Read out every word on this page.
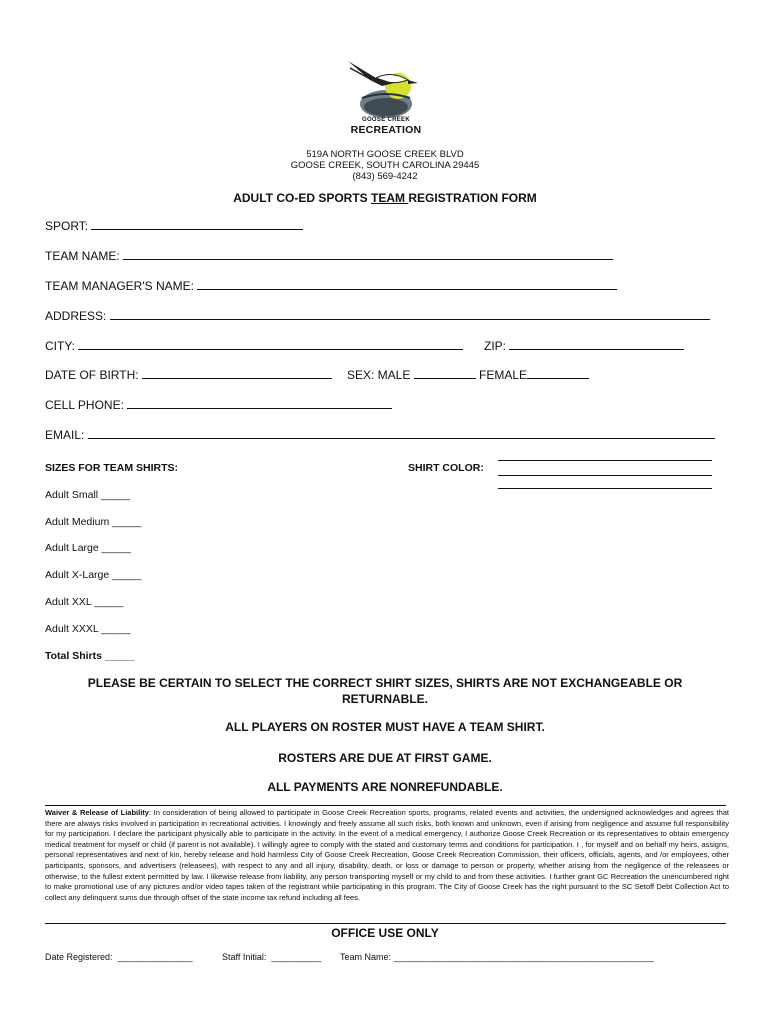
GOOSE CREEK
RECREATION
519A NORTH GOOSE CREEK BLVD
GOOSE CREEK, SOUTH CAROLINA 29445
(843) 569-4242
ADULT CO-ED SPORTS TEAM REGISTRATION FORM
SPORT:
TEAM NAME:
TEAM MANAGER'S NAME:
ADDRESS:
CITY:	ZIP:
DATE OF BIRTH:	SEX: MALE	FEMALE
CELL PHONE:
EMAIL:
SIZES FOR TEAM SHIRTS:	SHIRT COLOR:
Adult Small _____
Adult Medium _____
Adult Large _____
Adult X-Large _____
Adult XXL _____
Adult XXXL _____
Total Shirts _____
PLEASE BE CERTAIN TO SELECT THE CORRECT SHIRT SIZES, SHIRTS ARE NOT EXCHANGEABLE OR RETURNABLE.
ALL PLAYERS ON ROSTER MUST HAVE A TEAM SHIRT.
ROSTERS ARE DUE AT FIRST GAME.
ALL PAYMENTS ARE NONREFUNDABLE.
Waiver & Release of Liability: In consideration of being allowed to participate in Goose Creek Recreation sports, programs, related events and activities, the undersigned acknowledges and agrees that there are always risks involved in participation in recreational activities. I knowingly and freely assume all such risks, both known and unknown, even if arising from negligence and assume full responsibility for my participation. I declare the participant physically able to participate in the activity. In the event of a medical emergency, I authorize Goose Creek Recreation or its representatives to obtain emergency medical treatment for myself or child (if parent is not available). I willingly agree to comply with the stated and customary terms and conditions for participation. I , for myself and on behalf my heirs, assigns, personal representatives and next of kin, hereby release and hold harmless City of Goose Creek Recreation, Goose Creek Recreation Commission, their officers, officials, agents, and /or employees, other participants, sponsors, and advertisers (releasees), with respect to any and all injury, disability, death, or loss or damage to person or property, whether arising from the negligence of the releasees or otherwise, to the fullest extent permitted by law. I likewise release from liability, any person transporting myself or my child to and from these activities. I further grant GC Recreation the unencumbered right to make promotional use of any pictures and/or video tapes taken of the registrant while participating in this program. The City of Goose Creek has the right pursuant to the SC Setoff Debt Collection Act to collect any delinquent sums due through offset of the state income tax refund including all fees.
OFFICE USE ONLY
Date Registered:  _______________	Staff Initial:  __________ Team Name: ____________________________________________________
